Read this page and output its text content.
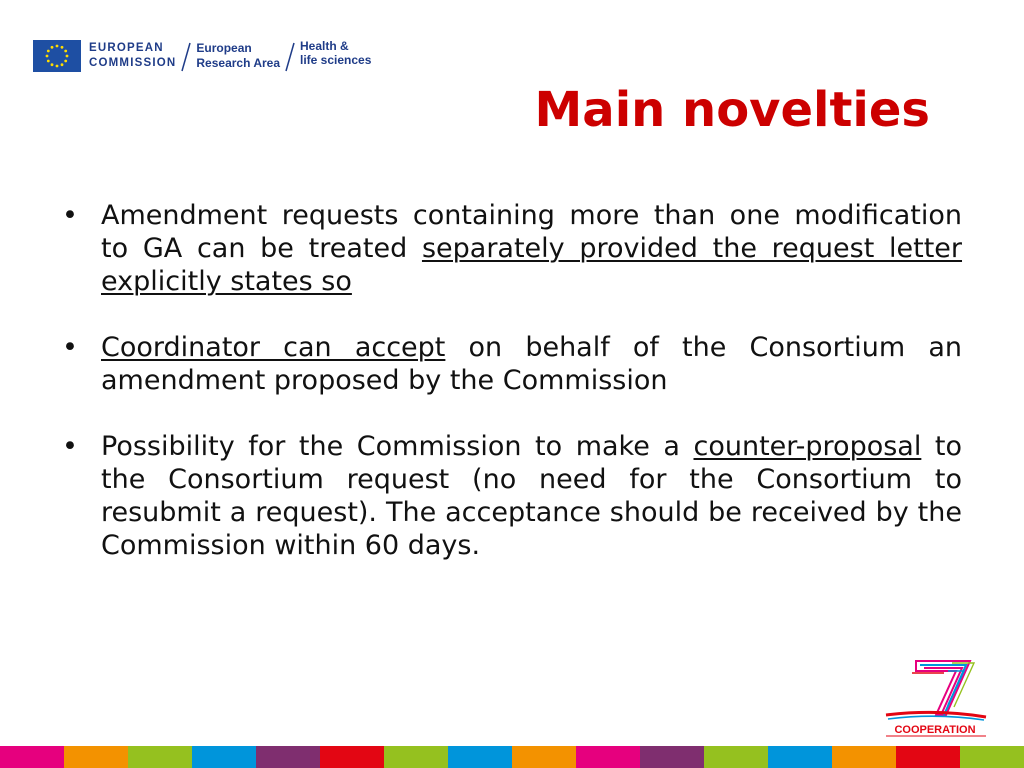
EUROPEAN
COMMISSION
European
Research Area
Health &
life sciences
Main novelties
• Amendment requests containing more than one modification to GA can be treated separately provided the request letter explicitly states so
• Coordinator can accept on behalf of the Consortium an amendment proposed by the Commission
• Possibility for the Commission to make a counter-proposal to the Consortium request (no need for the Consortium to resubmit a request). The acceptance should be received by the Commission within 60 days.
COOPERATION
